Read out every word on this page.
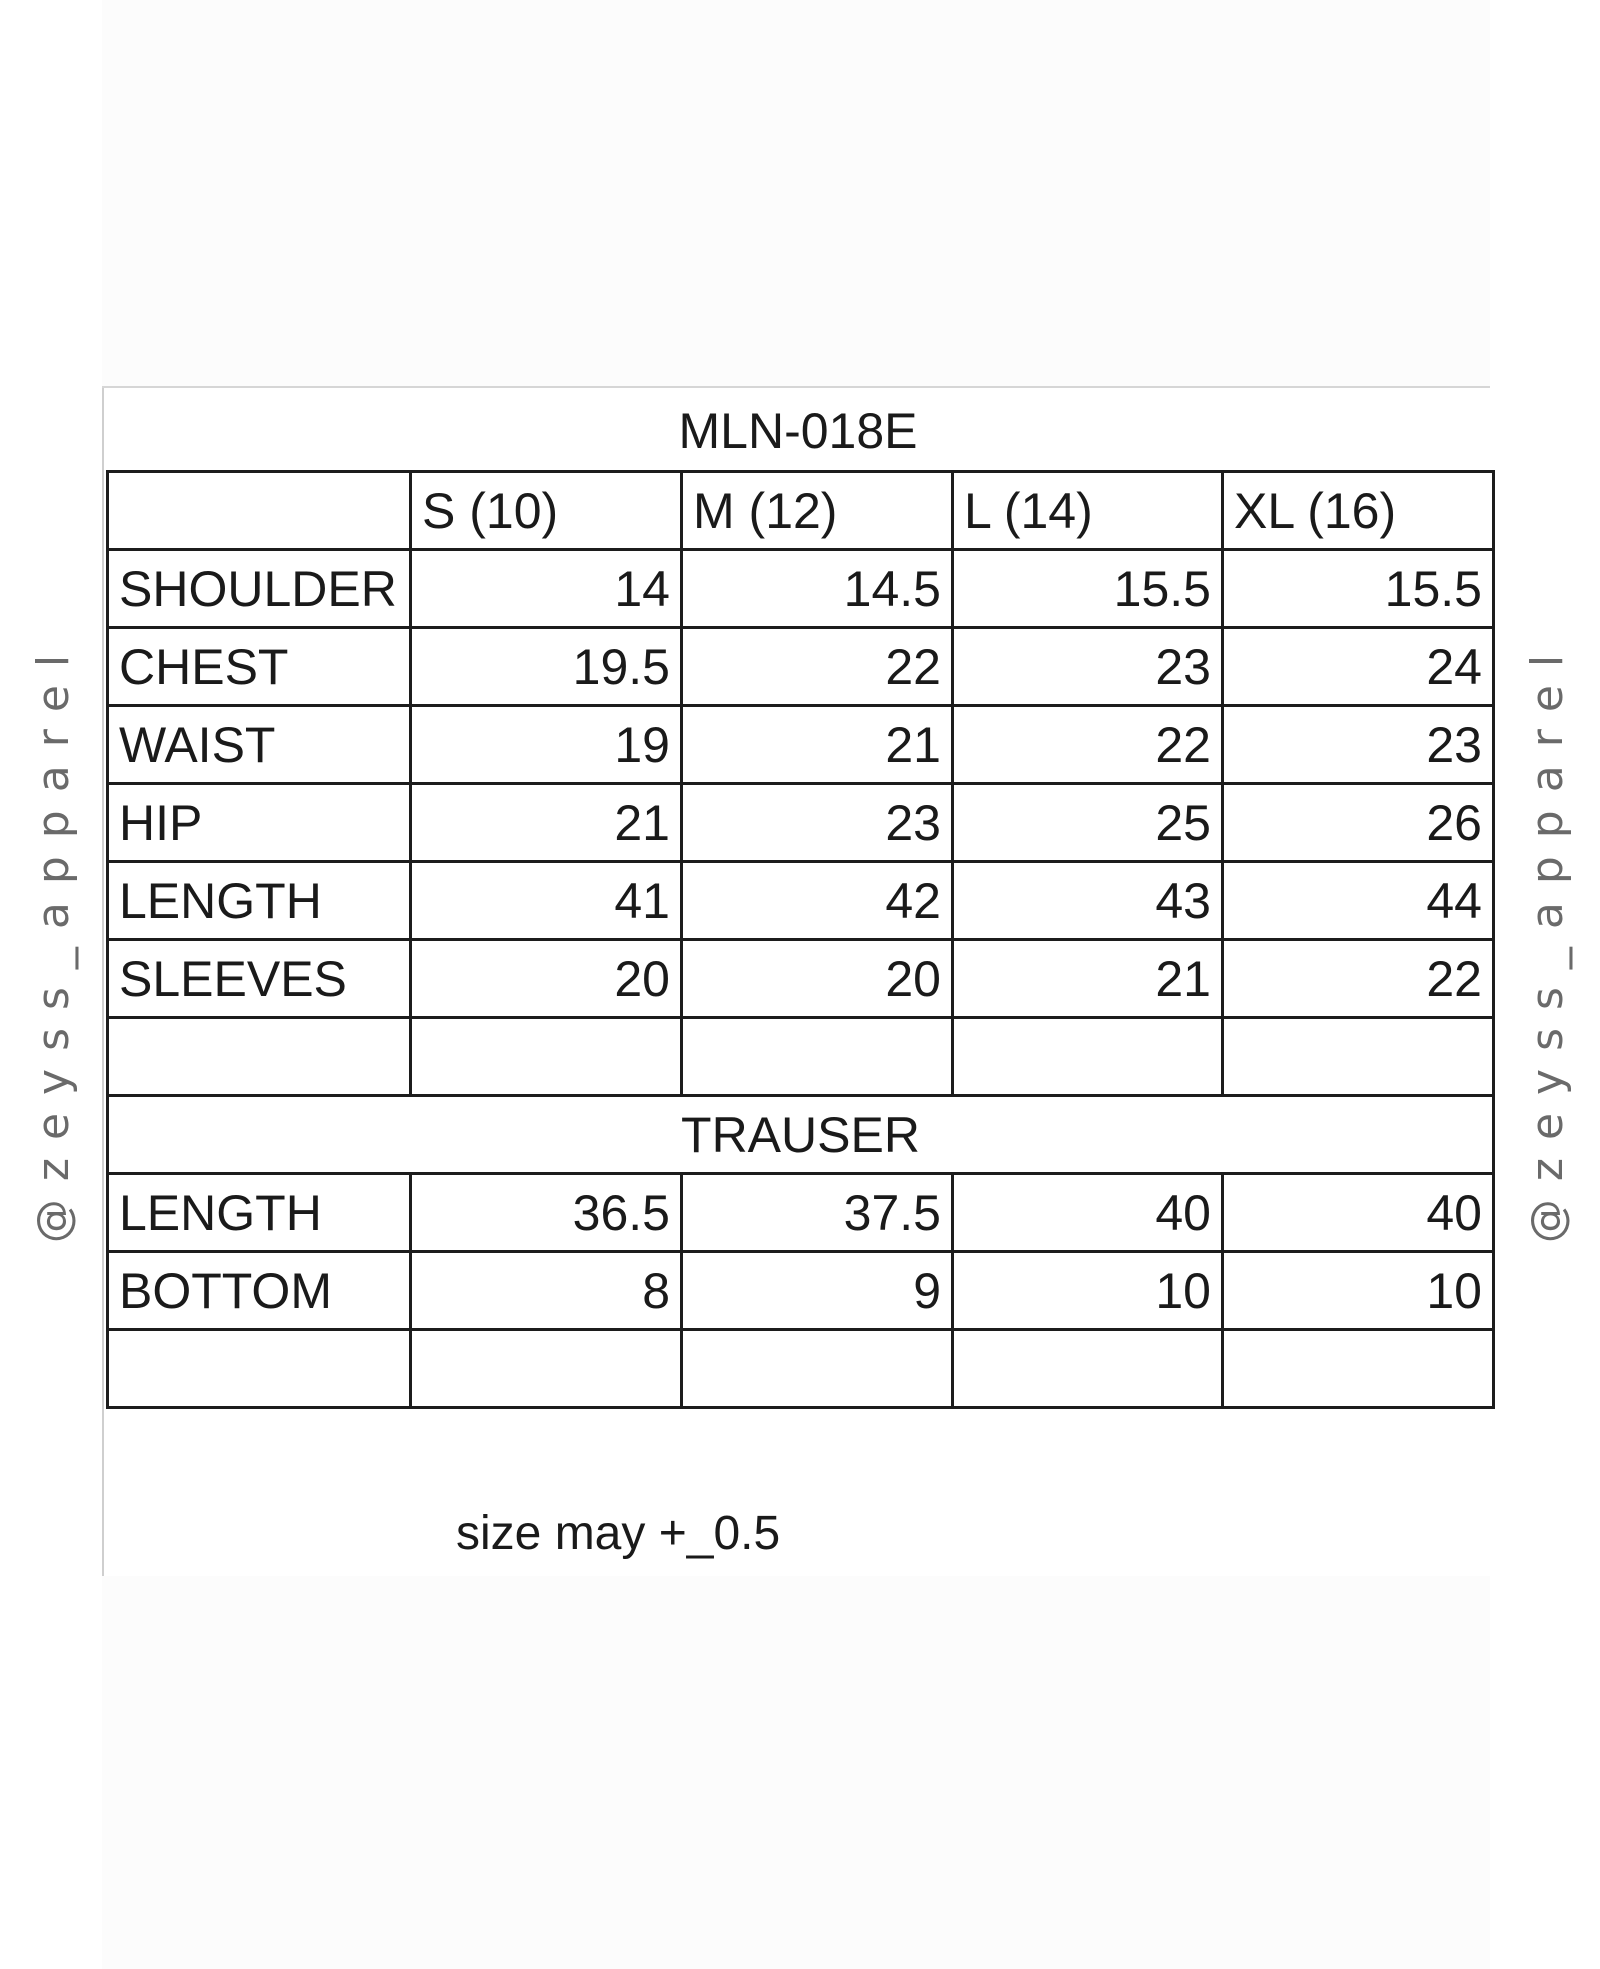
MLN-018E
	S (10)	M (12)	L (14)	XL (16)
SHOULDER	14	14.5	15.5	15.5
CHEST	19.5	22	23	24
WAIST	19	21	22	23
HIP	21	23	25	26
LENGTH	41	42	43	44
SLEEVES	20	20	21	22

TRAUSER				
LENGTH	36.5	37.5	40	40
BOTTOM	8	9	10	10

size may +_0.5
@zeyss_apparel	@zeyss_apparel
